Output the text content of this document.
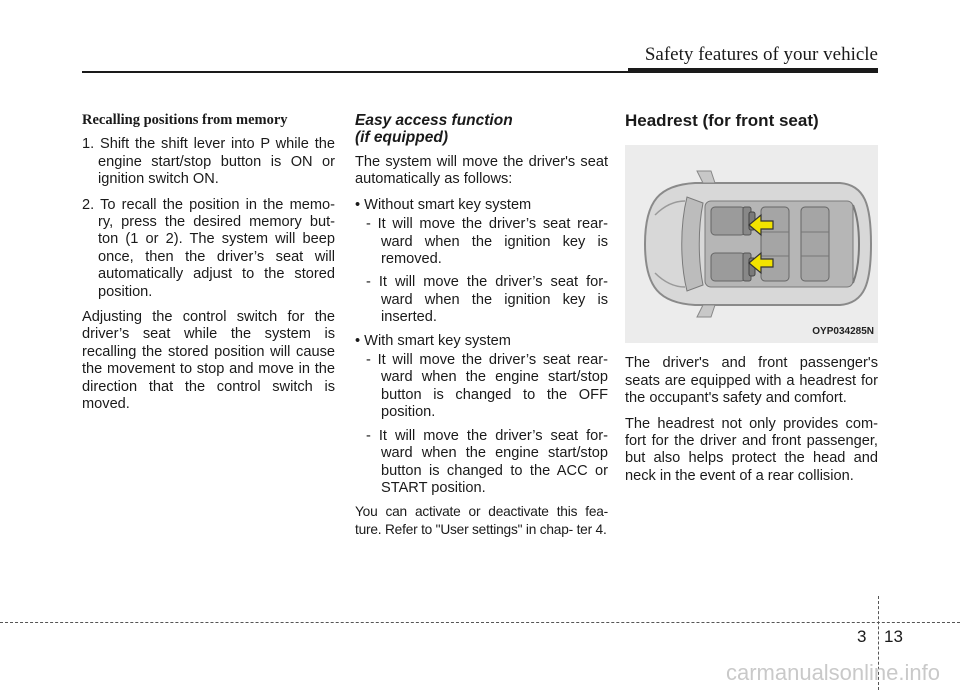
Safety features of your vehicle

Recalling positions from memory

1. Shift the shift lever into P while the engine start/stop button is ON or ignition switch ON.

2. To recall the position in the memo- ry, press the desired memory but- ton (1 or 2). The system will beep once, then the driver’s seat will automatically adjust to the stored position.

Adjusting the control switch for the driver’s seat while the system is recalling the stored position will cause the movement to stop and move in the direction that the control switch is moved.

Easy access function
(if equipped)

The system will move the driver's seat automatically as follows:

• Without smart key system

- It will move the driver’s seat rear- ward when the ignition key is removed.

- It will move the driver’s seat for- ward when the ignition key is inserted.

• With smart key system

- It will move the driver’s seat rear- ward when the engine start/stop button is changed to the OFF position.

- It will move the driver’s seat for- ward when the engine start/stop button is changed to the ACC or START position.

You can activate or deactivate this fea- ture. Refer to "User settings" in chap- ter 4.

Headrest (for front seat)

OYP034285N

The driver's and front passenger's seats are equipped with a headrest for the occupant's safety and comfort.

The headrest not only provides com- fort for the driver and front passenger, but also helps protect the head and neck in the event of a rear collision.

3 13
carmanualsonline.info
